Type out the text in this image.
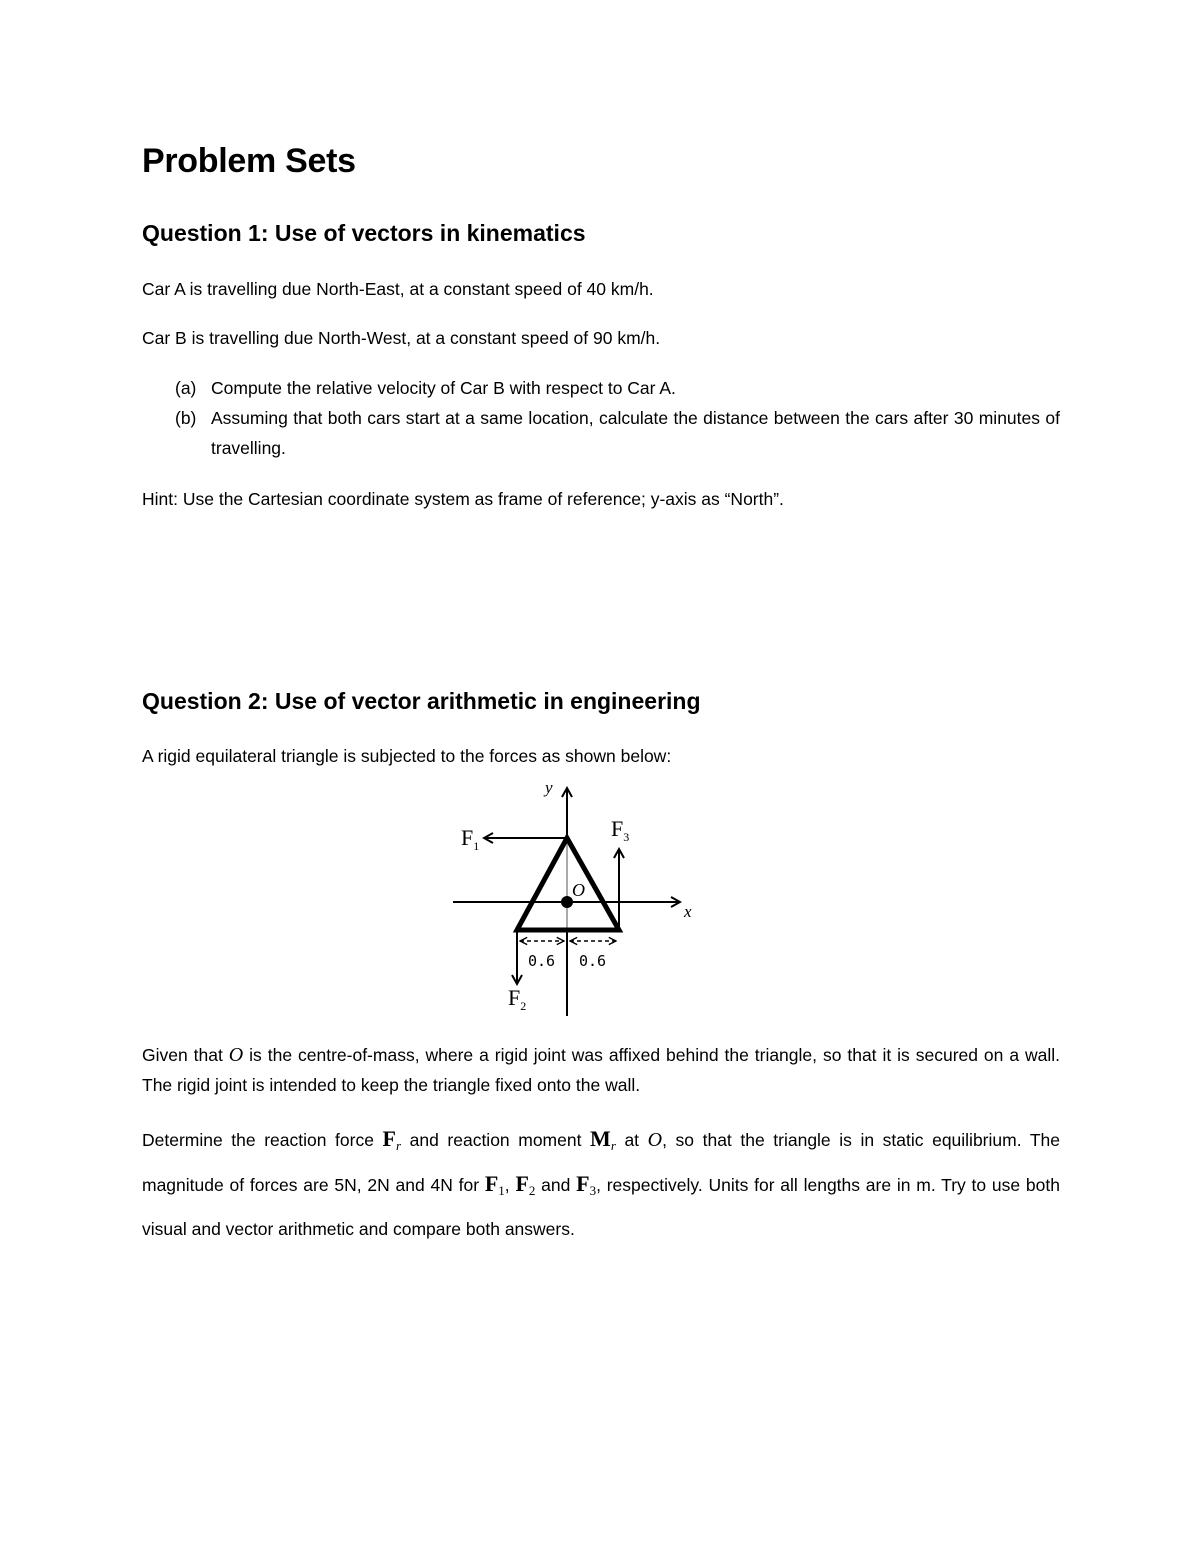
Problem Sets
Question 1: Use of vectors in kinematics

Car A is travelling due North-East, at a constant speed of 40 km/h.

Car B is travelling due North-West, at a constant speed of 90 km/h.

(a) Compute the relative velocity of Car B with respect to Car A.
(b) Assuming that both cars start at a same location, calculate the distance between the cars after 30 minutes of travelling.

Hint: Use the Cartesian coordinate system as frame of reference; y-axis as “North”.

Question 2: Use of vector arithmetic in engineering

A rigid equilateral triangle is subjected to the forces as shown below:

y
x
O
$F_1$
$F_3$
$F_2$
0.6 0.6

Given that O is the centre-of-mass, where a rigid joint was affixed behind the triangle, so that it is secured on a wall. The rigid joint is intended to keep the triangle fixed onto the wall.

Determine the reaction force $F_r$ and reaction moment $M_r$ at O, so that the triangle is in static equilibrium. The magnitude of forces are 5N, 2N and 4N for $F_1$, $F_2$ and $F_3$, respectively. Units for all lengths are in m. Try to use both visual and vector arithmetic and compare both answers.
